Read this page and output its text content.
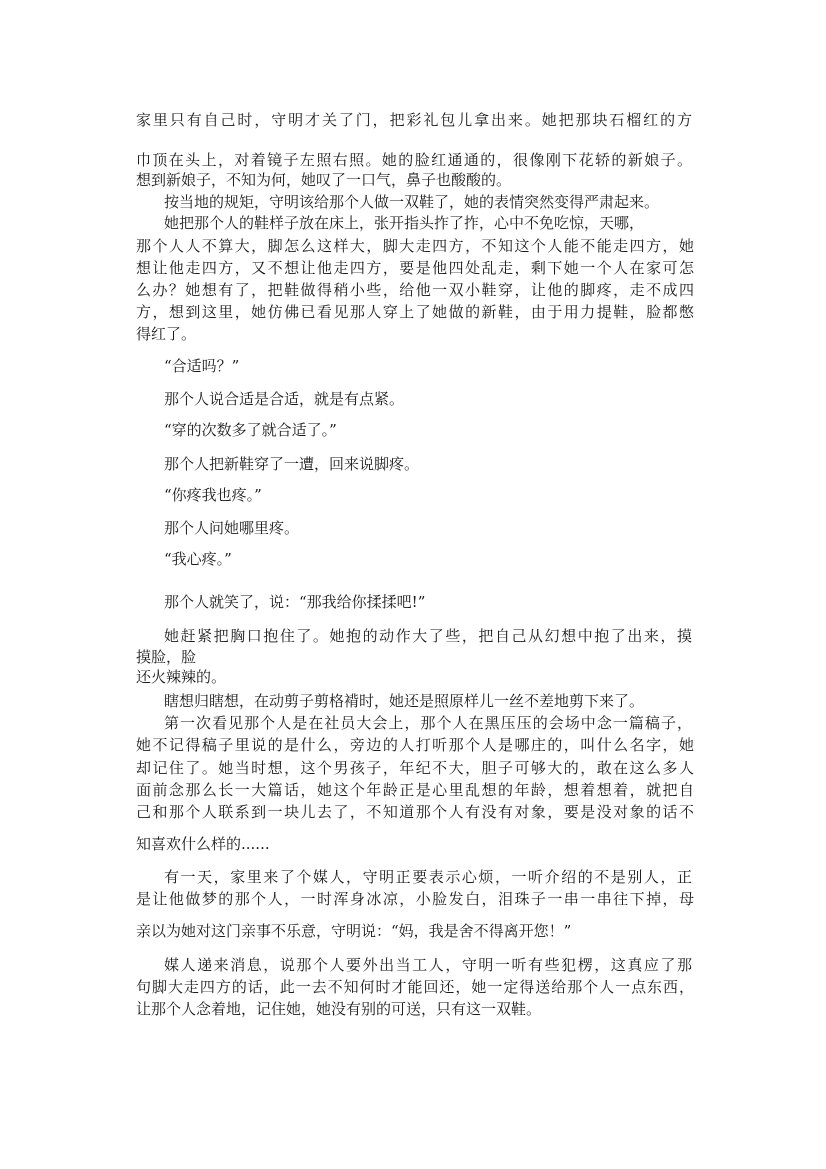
家里只有自己时，守明才关了门，把彩礼包儿拿出来。她把那块石榴红的方

巾顶在头上，对着镜子左照右照。她的脸红通通的，很像刚下花轿的新娘子。

想到新娘子，不知为何，她叹了一口气，鼻子也酸酸的。

按当地的规矩，守明该给那个人做一双鞋了，她的表情突然变得严肃起来。

她把那个人的鞋样子放在床上，张开指头拃了拃，心中不免吃惊，天哪，

那个人人不算大，脚怎么这样大，脚大走四方，不知这个人能不能走四方，她

想让他走四方，又不想让他走四方，要是他四处乱走，剩下她一个人在家可怎

么办？她想有了，把鞋做得稍小些，给他一双小鞋穿，让他的脚疼，走不成四

方，想到这里，她仿佛已看见那人穿上了她做的新鞋，由于用力提鞋，脸都憋

得红了。

“合适吗？”

那个人说合适是合适，就是有点紧。

“穿的次数多了就合适了。”

那个人把新鞋穿了一遭，回来说脚疼。

“你疼我也疼。”

那个人问她哪里疼。

“我心疼。”

那个人就笑了，说：“那我给你揉揉吧!”

她赶紧把胸口抱住了。她抱的动作大了些，把自己从幻想中抱了出来，摸

摸脸，脸

还火辣辣的。

瞎想归瞎想，在动剪子剪格褙时，她还是照原样儿一丝不差地剪下来了。

第一次看见那个人是在社员大会上，那个人在黑压压的会场中念一篇稿子，

她不记得稿子里说的是什么，旁边的人打听那个人是哪庄的，叫什么名字，她

却记住了。她当时想，这个男孩子，年纪不大，胆子可够大的，敢在这么多人

面前念那么长一大篇话，她这个年龄正是心里乱想的年龄，想着想着，就把自

己和那个人联系到一块儿去了，不知道那个人有没有对象，要是没对象的话不

知喜欢什么样的......

有一天，家里来了个媒人，守明正要表示心烦，一听介绍的不是别人，正

是让他做梦的那个人，一时浑身冰凉，小脸发白，泪珠子一串一串往下掉，母

亲以为她对这门亲事不乐意，守明说：“妈，我是舍不得离开您！”

媒人递来消息，说那个人要外出当工人，守明一听有些犯楞，这真应了那

句脚大走四方的话，此一去不知何时才能回还，她一定得送给那个人一点东西，

让那个人念着地，记住她，她没有别的可送，只有这一双鞋。
